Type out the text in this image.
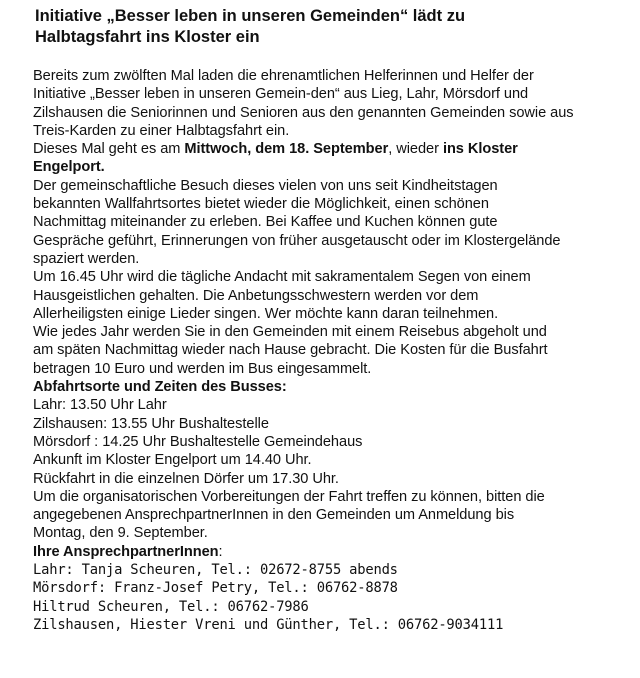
Initiative „Besser leben in unseren Gemeinden“ lädt zu
Halbtagsfahrt ins Kloster ein
Bereits zum zwölften Mal laden die ehrenamtlichen Helferinnen und Helfer der
Initiative „Besser leben in unseren Gemein-den“ aus Lieg, Lahr, Mörsdorf und
Zilshausen die Seniorinnen und Senioren aus den genannten Gemeinden sowie aus
Treis-Karden zu einer Halbtagsfahrt ein.
Dieses Mal geht es am Mittwoch, dem 18. September, wieder ins Kloster
Engelport.
Der gemeinschaftliche Besuch dieses vielen von uns seit Kindheitstagen
bekannten Wallfahrtsortes bietet wieder die Möglichkeit, einen schönen
Nachmittag miteinander zu erleben. Bei Kaffee und Kuchen können gute
Gespräche geführt, Erinnerungen von früher ausgetauscht oder im Klostergelände
spaziert werden.
Um 16.45 Uhr wird die tägliche Andacht mit sakramentalem Segen von einem
Hausgeistlichen gehalten. Die Anbetungsschwestern werden vor dem
Allerheiligsten einige Lieder singen. Wer möchte kann daran teilnehmen.
Wie jedes Jahr werden Sie in den Gemeinden mit einem Reisebus abgeholt und
am späten Nachmittag wieder nach Hause gebracht. Die Kosten für die Busfahrt
betragen 10 Euro und werden im Bus eingesammelt.
Abfahrtsorte und Zeiten des Busses:
Lahr: 13.50 Uhr Lahr
Zilshausen: 13.55 Uhr Bushaltestelle
Mörsdorf : 14.25 Uhr Bushaltestelle Gemeindehaus
Ankunft im Kloster Engelport um 14.40 Uhr.
Rückfahrt in die einzelnen Dörfer um 17.30 Uhr.
Um die organisatorischen Vorbereitungen der Fahrt treffen zu können, bitten die
angegebenen AnsprechpartnerInnen in den Gemeinden um Anmeldung bis
Montag, den 9. September.
Ihre AnsprechpartnerInnen:
Lahr: Tanja Scheuren, Tel.: 02672-8755 abends
Mörsdorf: Franz-Josef Petry, Tel.: 06762-8878
Hiltrud Scheuren, Tel.: 06762-7986
Zilshausen, Hiester Vreni und Günther, Tel.: 06762-9034111
